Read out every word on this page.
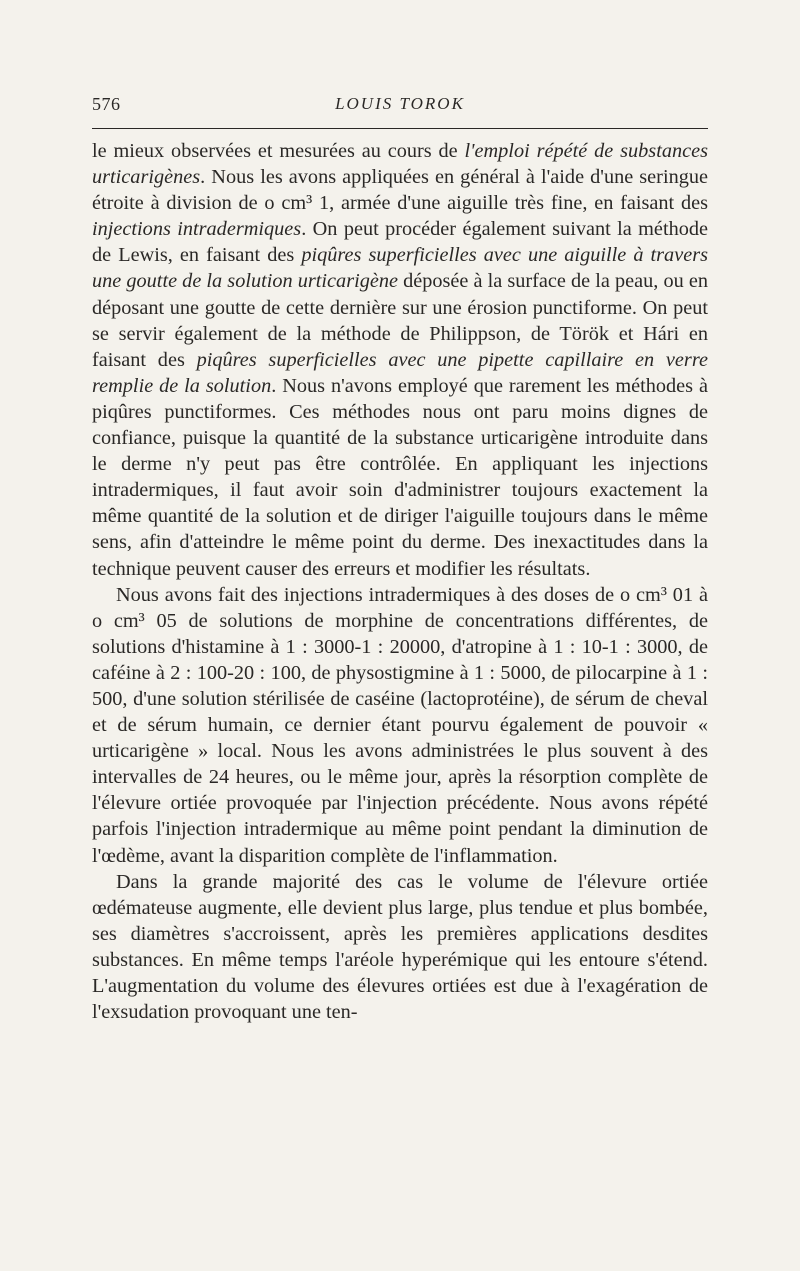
576	LOUIS TOROK

le mieux observées et mesurées au cours de l'emploi répété de substances urticarigènes. Nous les avons appliquées en général à l'aide d'une seringue étroite à division de o cm³ 1, armée d'une aiguille très fine, en faisant des injections intradermiques. On peut procéder également suivant la méthode de Lewis, en faisant des piqûres superficielles avec une aiguille à travers une goutte de la solution urticarigène déposée à la surface de la peau, ou en déposant une goutte de cette dernière sur une érosion punctiforme. On peut se servir également de la méthode de Philippson, de Török et Hári en faisant des piqûres superficielles avec une pipette capillaire en verre remplie de la solution. Nous n'avons employé que rarement les méthodes à piqûres punctiformes. Ces méthodes nous ont paru moins dignes de confiance, puisque la quantité de la substance urticarigène introduite dans le derme n'y peut pas être contrôlée. En appliquant les injections intradermiques, il faut avoir soin d'administrer toujours exactement la même quantité de la solution et de diriger l'aiguille toujours dans le même sens, afin d'atteindre le même point du derme. Des inexactitudes dans la technique peuvent causer des erreurs et modifier les résultats.

Nous avons fait des injections intradermiques à des doses de o cm³ 01 à o cm³ 05 de solutions de morphine de concentrations différentes, de solutions d'histamine à 1 : 3000-1 : 20000, d'atropine à 1 : 10-1 : 3000, de caféine à 2 : 100-20 : 100, de physostigmine à 1 : 5000, de pilocarpine à 1 : 500, d'une solution stérilisée de caséine (lactoprotéine), de sérum de cheval et de sérum humain, ce dernier étant pourvu également de pouvoir « urticarigène » local. Nous les avons administrées le plus souvent à des intervalles de 24 heures, ou le même jour, après la résorption complète de l'élevure ortiée provoquée par l'injection précédente. Nous avons répété parfois l'injection intradermique au même point pendant la diminution de l'œdème, avant la disparition complète de l'inflammation.

Dans la grande majorité des cas le volume de l'élevure ortiée œdémateuse augmente, elle devient plus large, plus tendue et plus bombée, ses diamètres s'accroissent, après les premières applications desdites substances. En même temps l'aréole hyperémique qui les entoure s'étend. L'augmentation du volume des élevures ortiées est due à l'exagération de l'exsudation provoquant une ten-
